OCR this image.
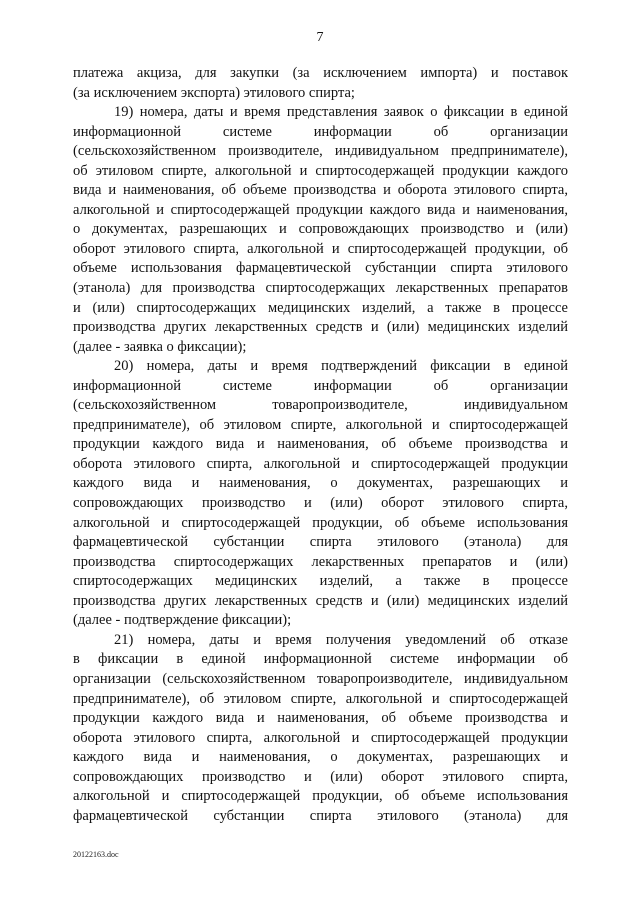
7
платежа акциза, для закупки (за исключением импорта) и поставок
(за исключением экспорта) этилового спирта;
19) номера, даты и время представления заявок о фиксации в единой
информационной системе информации об организации
(сельскохозяйственном производителе, индивидуальном предпринимателе),
об этиловом спирте, алкогольной и спиртосодержащей продукции каждого
вида и наименования, об объеме производства и оборота этилового спирта,
алкогольной и спиртосодержащей продукции каждого вида и наименования,
о документах, разрешающих и сопровождающих производство и (или)
оборот этилового спирта, алкогольной и спиртосодержащей продукции, об
объеме использования фармацевтической субстанции спирта этилового
(этанола) для производства спиртосодержащих лекарственных препаратов
и (или) спиртосодержащих медицинских изделий, а также в процессе
производства других лекарственных средств и (или) медицинских изделий
(далее - заявка о фиксации);
20) номера, даты и время подтверждений фиксации в единой
информационной системе информации об организации
(сельскохозяйственном товаропроизводителе, индивидуальном
предпринимателе), об этиловом спирте, алкогольной и спиртосодержащей
продукции каждого вида и наименования, об объеме производства и
оборота этилового спирта, алкогольной и спиртосодержащей продукции
каждого вида и наименования, о документах, разрешающих и
сопровождающих производство и (или) оборот этилового спирта,
алкогольной и спиртосодержащей продукции, об объеме использования
фармацевтической субстанции спирта этилового (этанола) для
производства спиртосодержащих лекарственных препаратов и (или)
спиртосодержащих медицинских изделий, а также в процессе
производства других лекарственных средств и (или) медицинских изделий
(далее - подтверждение фиксации);
21) номера, даты и время получения уведомлений об отказе
в фиксации в единой информационной системе информации об
организации (сельскохозяйственном товаропроизводителе, индивидуальном
предпринимателе), об этиловом спирте, алкогольной и спиртосодержащей
продукции каждого вида и наименования, об объеме производства и
оборота этилового спирта, алкогольной и спиртосодержащей продукции
каждого вида и наименования, о документах, разрешающих и
сопровождающих производство и (или) оборот этилового спирта,
алкогольной и спиртосодержащей продукции, об объеме использования
фармацевтической субстанции спирта этилового (этанола) для
20122163.doc
